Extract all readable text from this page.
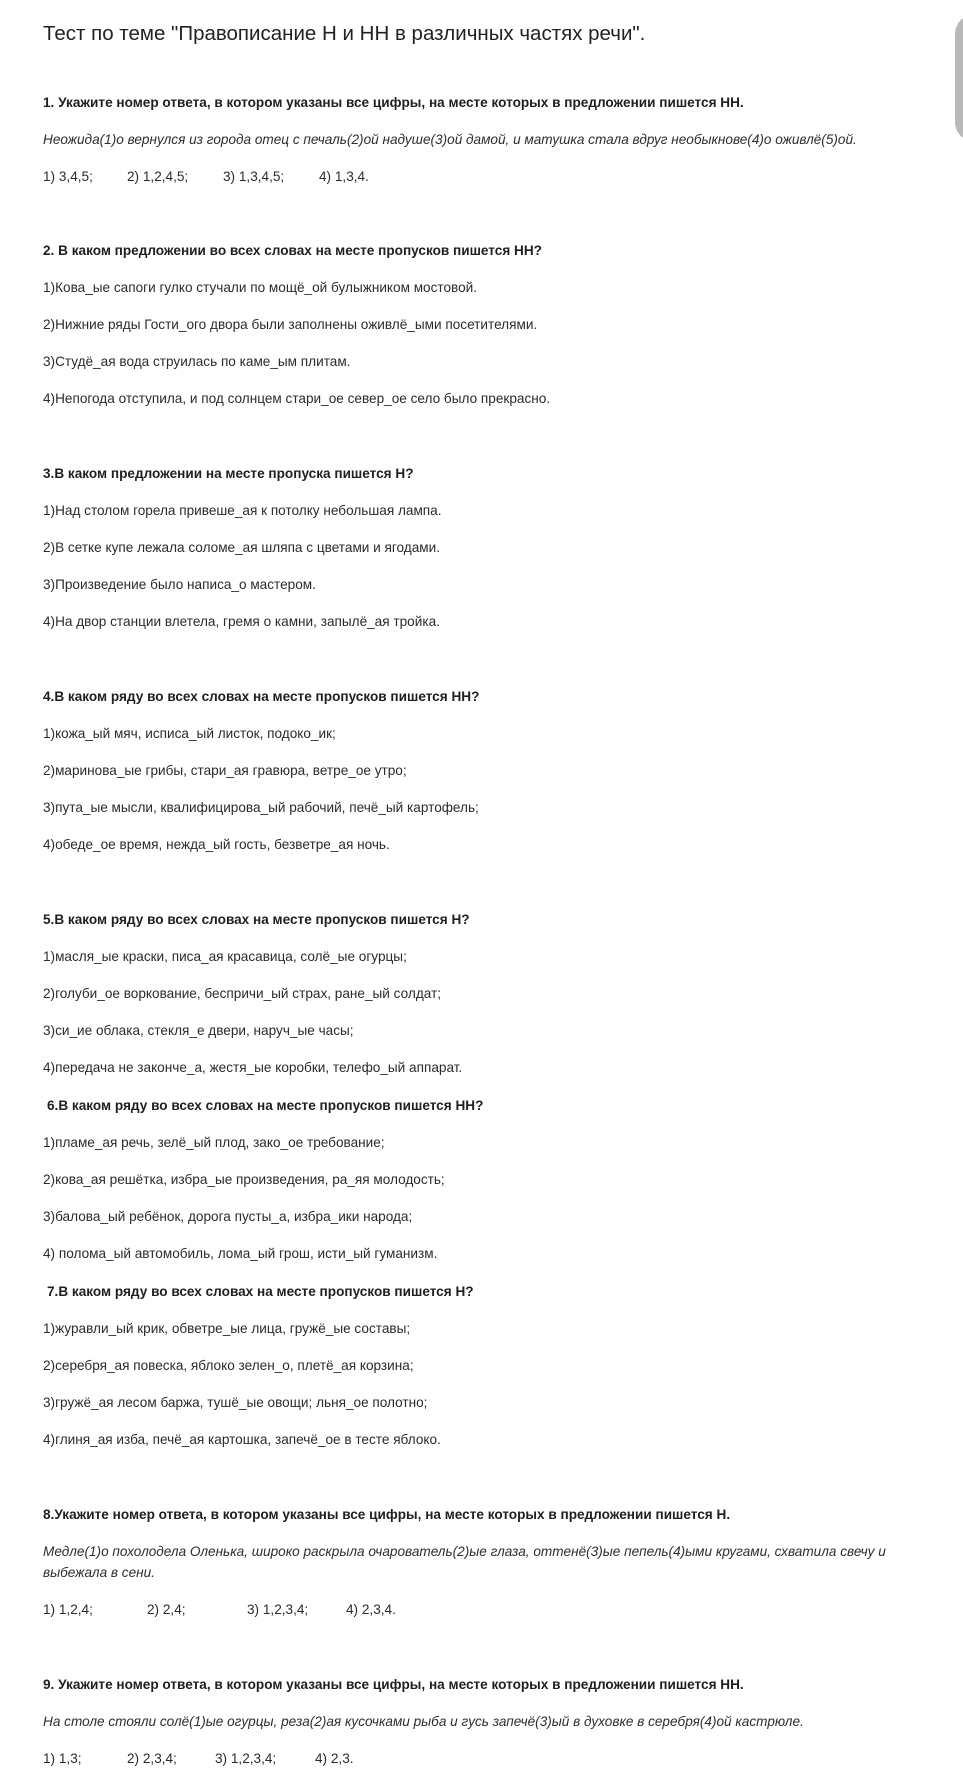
Тест по теме "Правописание Н и НН в различных частях речи".
1. Укажите номер ответа, в котором указаны все цифры, на месте которых в предложении пишется НН.
Неожида(1)о вернулся из города отец с печаль(2)ой надуше(3)ой дамой, и матушка стала вдруг необыкнове(4)о оживлё(5)ой.
1) 3,4,5;	2) 1,2,4,5;	3) 1,3,4,5;	4) 1,3,4.
2. В каком предложении во всех словах на месте пропусков пишется НН?
1)Кова_ые сапоги гулко стучали по мощё_ой булыжником мостовой.
2)Нижние ряды Гости_ого двора были заполнены оживлё_ыми посетителями.
3)Студё_ая вода струилась по каме_ым плитам.
4)Непогода отступила, и под солнцем стари_ое север_ое село было прекрасно.
3.В каком предложении на месте пропуска пишется Н?
1)Над столом горела привеше_ая к потолку небольшая лампа.
2)В сетке купе лежала соломе_ая шляпа с цветами и ягодами.
3)Произведение было написа_о мастером.
4)На двор станции влетела, гремя о камни, запылё_ая тройка.
4.В каком ряду во всех словах на месте пропусков пишется НН?
1)кожа_ый мяч, исписа_ый листок, подоко_ик;
2)маринова_ые грибы, стари_ая гравюра, ветре_ое утро;
3)пута_ые мысли, квалифицирова_ый рабочий, печё_ый картофель;
4)обеде_ое время, нежда_ый гость, безветре_ая ночь.
5.В каком ряду во всех словах на месте пропусков пишется Н?
1)масля_ые краски, писа_ая красавица, солё_ые огурцы;
2)голуби_ое воркование, беспричи_ый страх, ране_ый солдат;
3)си_ие облака, стекля_е двери, наруч_ые часы;
4)передача не законче_а, жестя_ые коробки, телефо_ый аппарат.
6.В каком ряду во всех словах на месте пропусков пишется НН?
1)пламе_ая речь, зелё_ый плод, зако_ое требование;
2)кова_ая решётка, избра_ые произведения, ра_яя молодость;
3)балова_ый ребёнок, дорога пусты_а, избра_ики народа;
4) полома_ый автомобиль, лома_ый грош, исти_ый гуманизм.
7.В каком ряду во всех словах на месте пропусков пишется Н?
1)журавли_ый крик, обветре_ые лица, гружё_ые составы;
2)серебря_ая повеска, яблоко зелен_о, плетё_ая корзина;
3)гружё_ая лесом баржа, тушё_ые овощи; льня_ое полотно;
4)глиня_ая изба, печё_ая картошка, запечё_ое в тесте яблоко.
8.Укажите номер ответа, в котором указаны все цифры, на месте которых в предложении пишется Н.
Медле(1)о похолодела Оленька, широко раскрыла очарователь(2)ые глаза, оттенё(3)ые пепель(4)ыми кругами, схватила свечу и выбежала в сени.
1) 1,2,4;	2) 2,4;	3) 1,2,3,4;	4) 2,3,4.
9. Укажите номер ответа, в котором указаны все цифры, на месте которых в предложении пишется НН.
На столе стояли солё(1)ые огурцы, реза(2)ая кусочками рыба и гусь запечё(3)ый в духовке в серебря(4)ой кастрюле.
1) 1,3;	2) 2,3,4;	3) 1,2,3,4;	4) 2,3.
